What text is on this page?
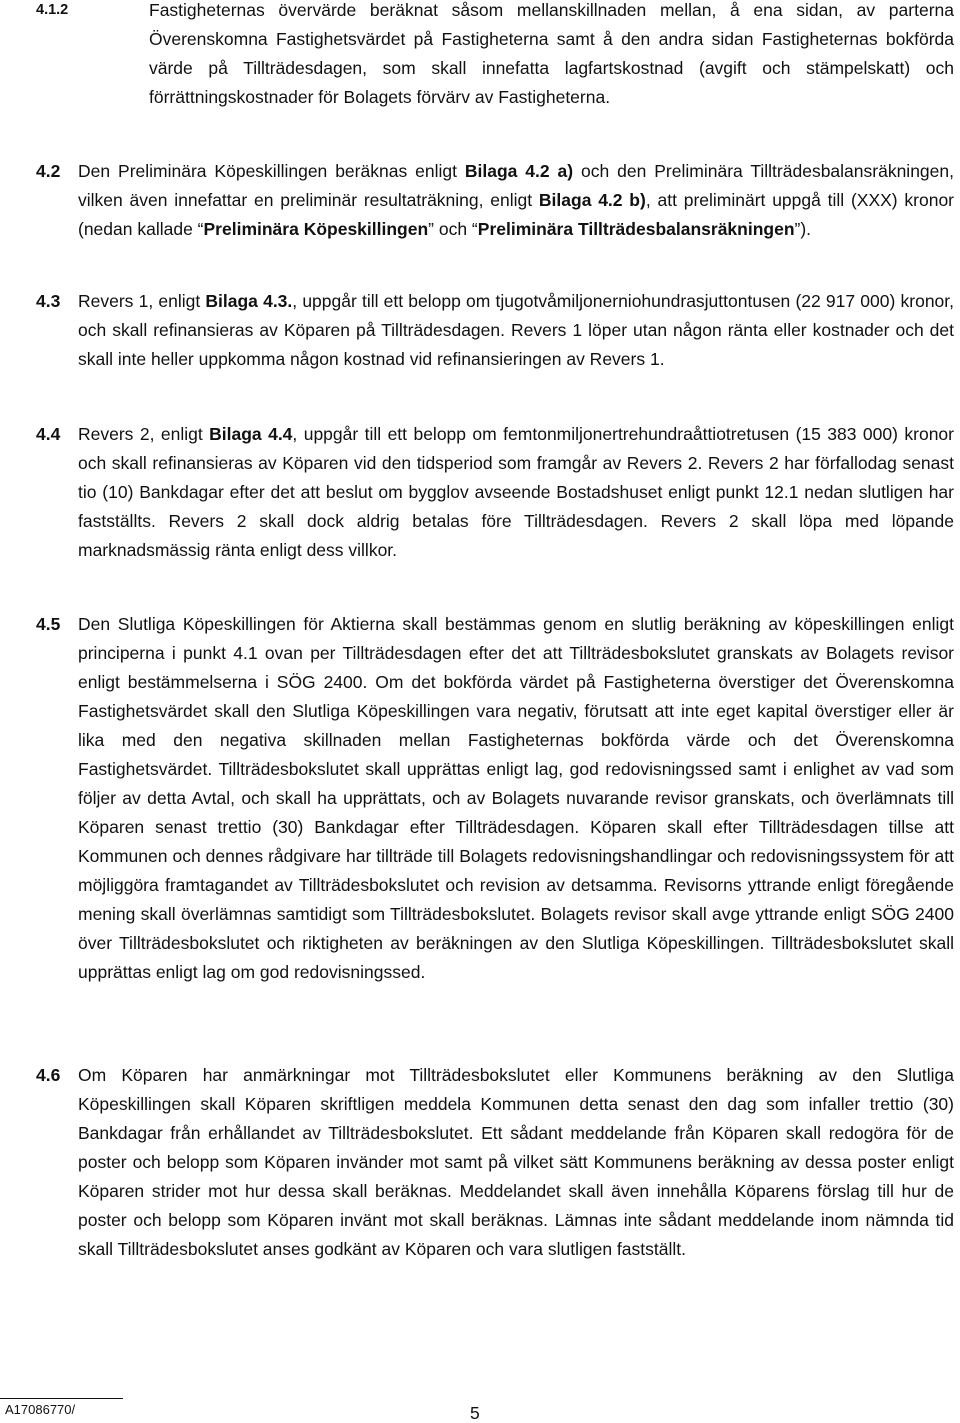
4.1.2	Fastigheternas övervärde beräknat såsom mellanskillnaden mellan, å ena sidan, av parterna Överenskomna Fastighetsvärdet på Fastigheterna samt å den andra sidan Fastigheternas bokförda värde på Tillträdesdagen, som skall innefatta lagfartskostnad (avgift och stämpelskatt) och förrättningskostnader för Bolagets förvärv av Fastigheterna.
4.2 Den Preliminära Köpeskillingen beräknas enligt Bilaga 4.2 a) och den Preliminära Tillträdesbalansräkningen, vilken även innefattar en preliminär resultaträkning, enligt Bilaga 4.2 b), att preliminärt uppgå till (XXX) kronor (nedan kallade “Preliminära Köpeskillingen” och “Preliminära Tillträdesbalansräkningen”).
4.3 Revers 1, enligt Bilaga 4.3., uppgår till ett belopp om tjugotvåmiljonerniohundrasjuttontusen (22 917 000) kronor, och skall refinansieras av Köparen på Tillträdesdagen. Revers 1 löper utan någon ränta eller kostnader och det skall inte heller uppkomma någon kostnad vid refinansieringen av Revers 1.
4.4 Revers 2, enligt Bilaga 4.4, uppgår till ett belopp om femtonmiljonertrehundraåttiotretusen (15 383 000) kronor och skall refinansieras av Köparen vid den tidsperiod som framgår av Revers 2. Revers 2 har förfallodag senast tio (10) Bankdagar efter det att beslut om bygglov avseende Bostadshuset enligt punkt 12.1 nedan slutligen har fastställts. Revers 2 skall dock aldrig betalas före Tillträdesdagen. Revers 2 skall löpa med löpande marknadsmässig ränta enligt dess villkor.
4.5 Den Slutliga Köpeskillingen för Aktierna skall bestämmas genom en slutlig beräkning av köpeskillingen enligt principerna i punkt 4.1 ovan per Tillträdesdagen efter det att Tillträdesbokslutet granskats av Bolagets revisor enligt bestämmelserna i SÖG 2400. Om det bokförda värdet på Fastigheterna överstiger det Överenskomna Fastighetsvärdet skall den Slutliga Köpeskillingen vara negativ, förutsatt att inte eget kapital överstiger eller är lika med den negativa skillnaden mellan Fastigheternas bokförda värde och det Överenskomna Fastighetsvärdet. Tillträdesbokslutet skall upprättas enligt lag, god redovisningssed samt i enlighet av vad som följer av detta Avtal, och skall ha upprättats, och av Bolagets nuvarande revisor granskats, och överlämnats till Köparen senast trettio (30) Bankdagar efter Tillträdesdagen. Köparen skall efter Tillträdesdagen tillse att Kommunen och dennes rådgivare har tillträde till Bolagets redovisningshandlingar och redovisningssystem för att möjliggöra framtagandet av Tillträdesbokslutet och revision av detsamma. Revisorns yttrande enligt föregående mening skall överlämnas samtidigt som Tillträdesbokslutet. Bolagets revisor skall avge yttrande enligt SÖG 2400 över Tillträdesbokslutet och riktigheten av beräkningen av den Slutliga Köpeskillingen. Tillträdesbokslutet skall upprättas enligt lag om god redovisningssed.
4.6 Om Köparen har anmärkningar mot Tillträdesbokslutet eller Kommunens beräkning av den Slutliga Köpeskillingen skall Köparen skriftligen meddela Kommunen detta senast den dag som infaller trettio (30) Bankdagar från erhållandet av Tillträdesbokslutet. Ett sådant meddelande från Köparen skall redogöra för de poster och belopp som Köparen invänder mot samt på vilket sätt Kommunens beräkning av dessa poster enligt Köparen strider mot hur dessa skall beräknas. Meddelandet skall även innehålla Köparens förslag till hur de poster och belopp som Köparen invänt mot skall beräknas. Lämnas inte sådant meddelande inom nämnda tid skall Tillträdesbokslutet anses godkänt av Köparen och vara slutligen fastställt.
A17086770/	5
